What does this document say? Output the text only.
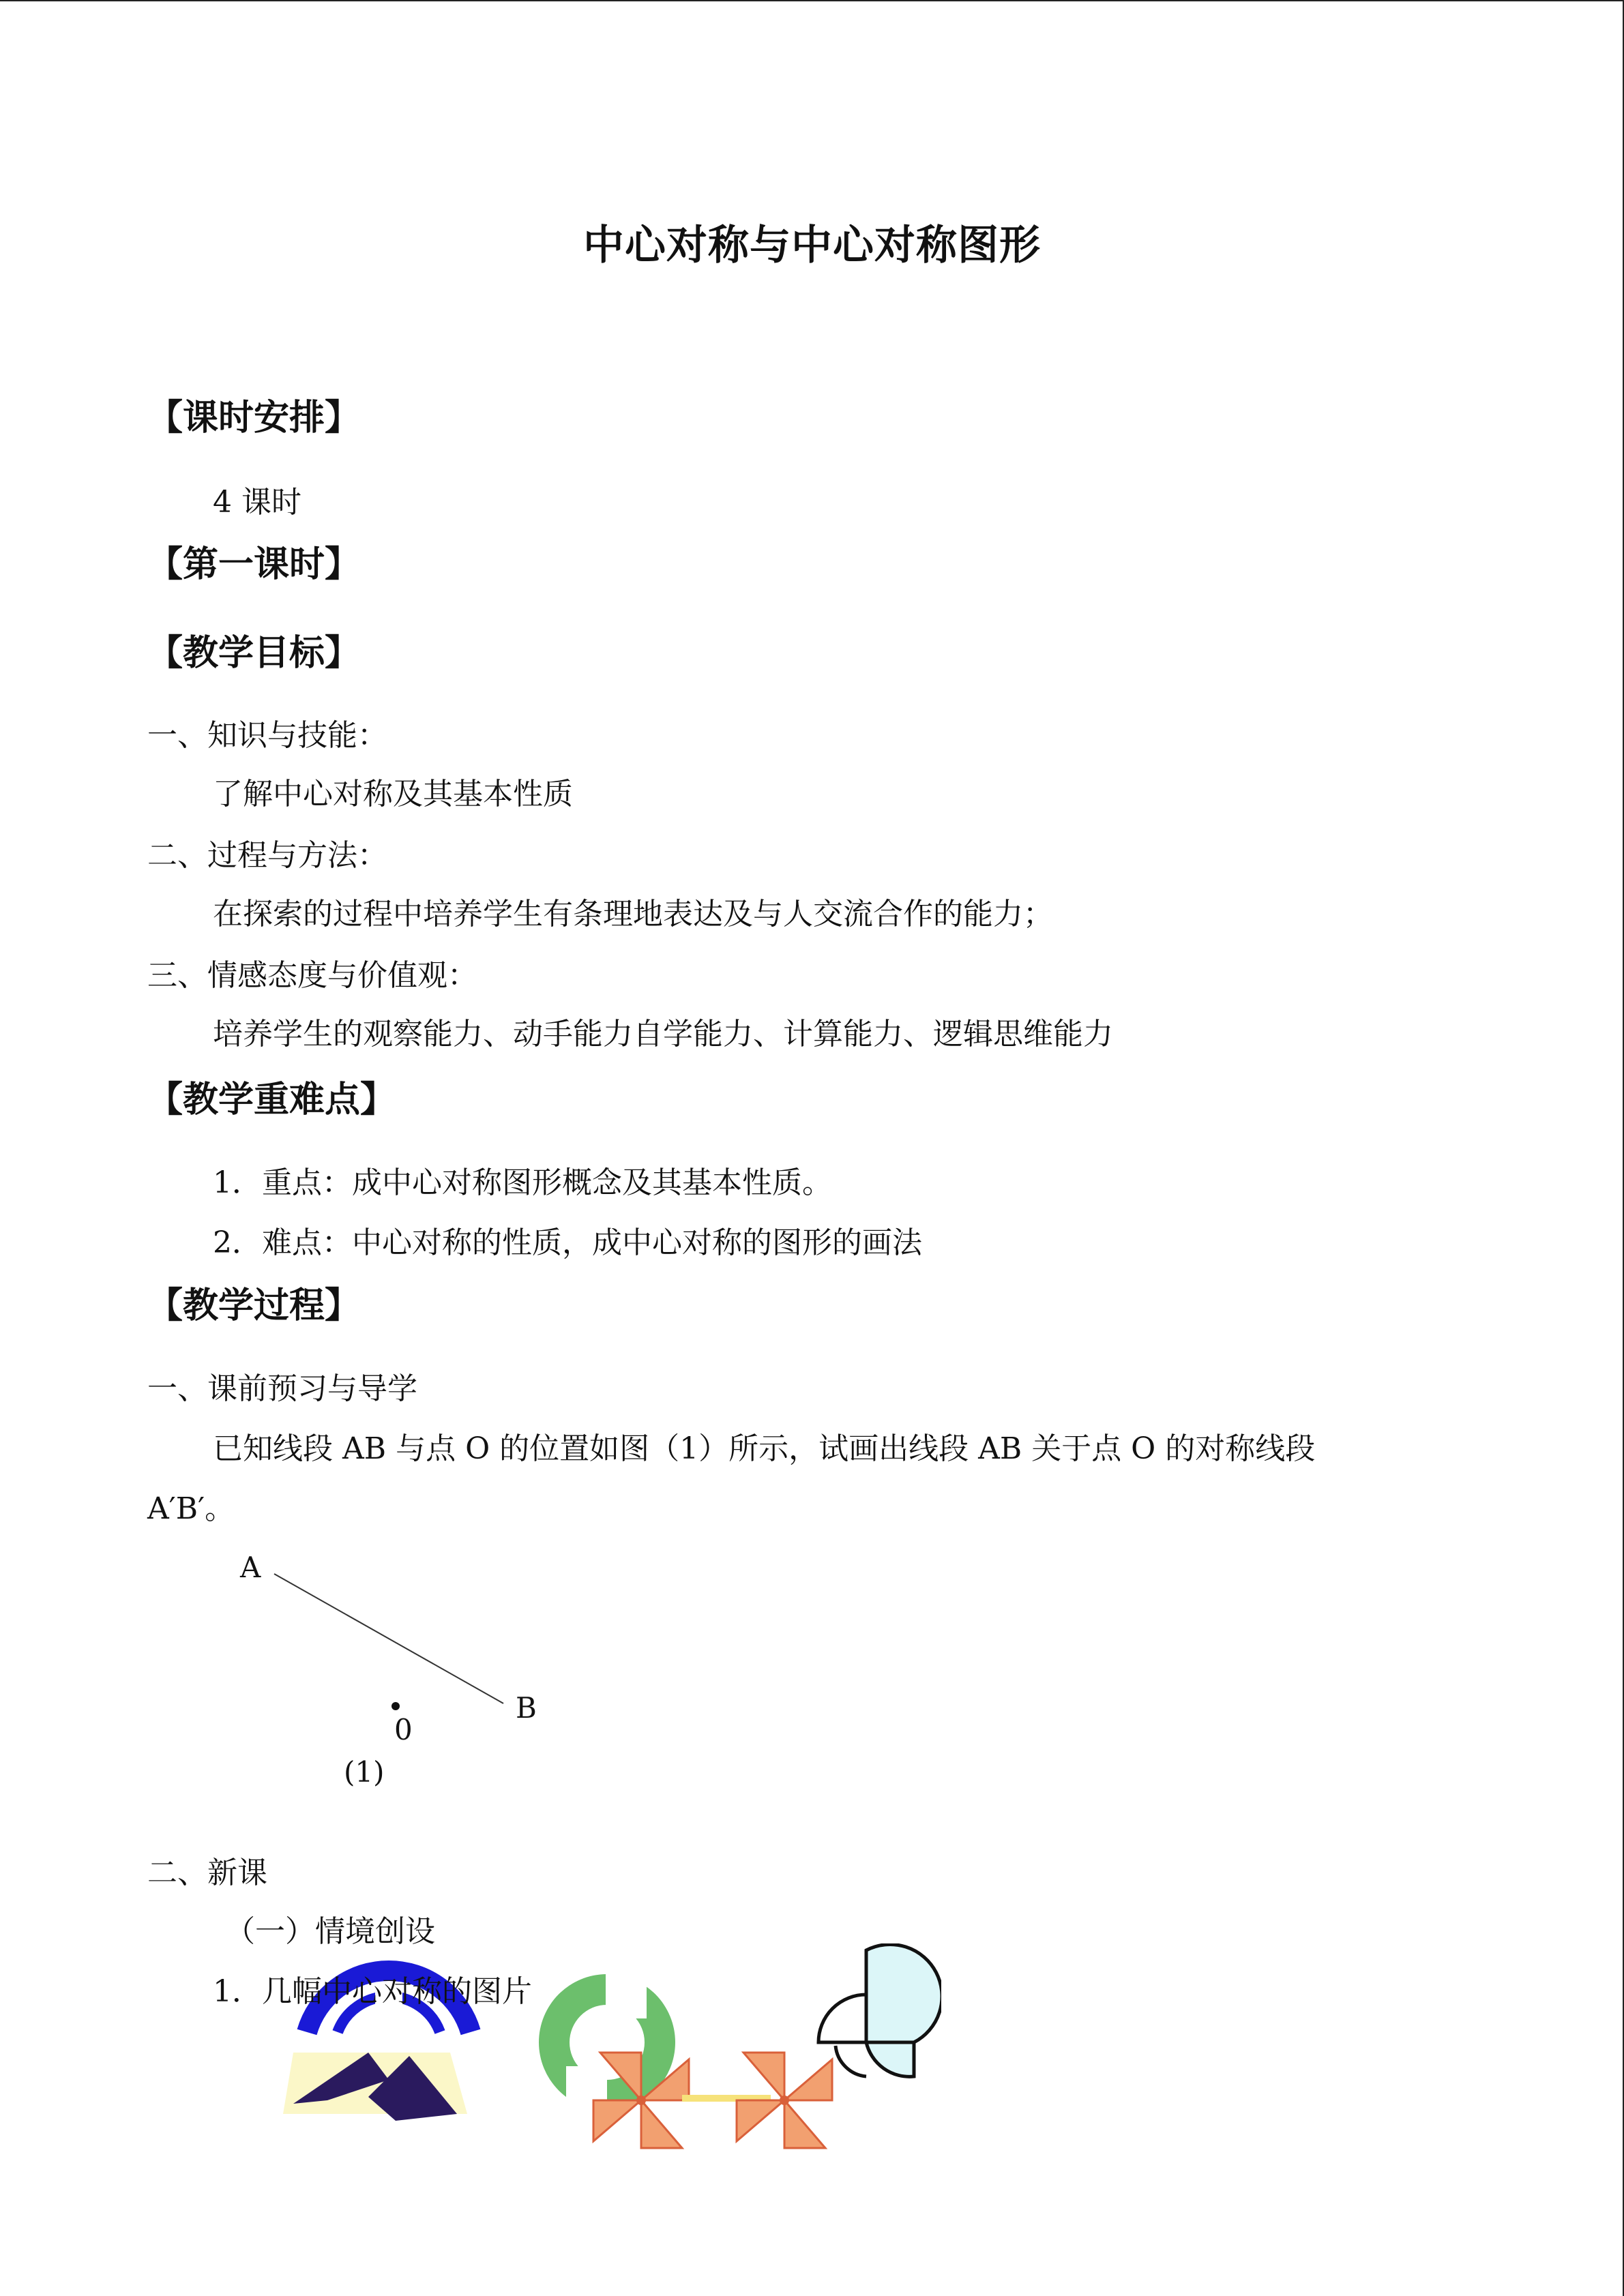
中心对称与中心对称图形
【课时安排】
4 课时
【第一课时】
【教学目标】
一、知识与技能：
了解中心对称及其基本性质
二、过程与方法：
在探索的过程中培养学生有条理地表达及与人交流合作的能力；
三、情感态度与价值观：
培养学生的观察能力、动手能力自学能力、计算能力、逻辑思维能力
【教学重难点】
1．重点：成中心对称图形概念及其基本性质。
2．难点：中心对称的性质，成中心对称的图形的画法
【教学过程】
一、课前预习与导学
已知线段 AB 与点 O 的位置如图（1）所示，试画出线段 AB 关于点 O 的对称线段
A′B′。
A
B
0
(1)
二、新课
（一）情境创设
1．几幅中心对称的图片
